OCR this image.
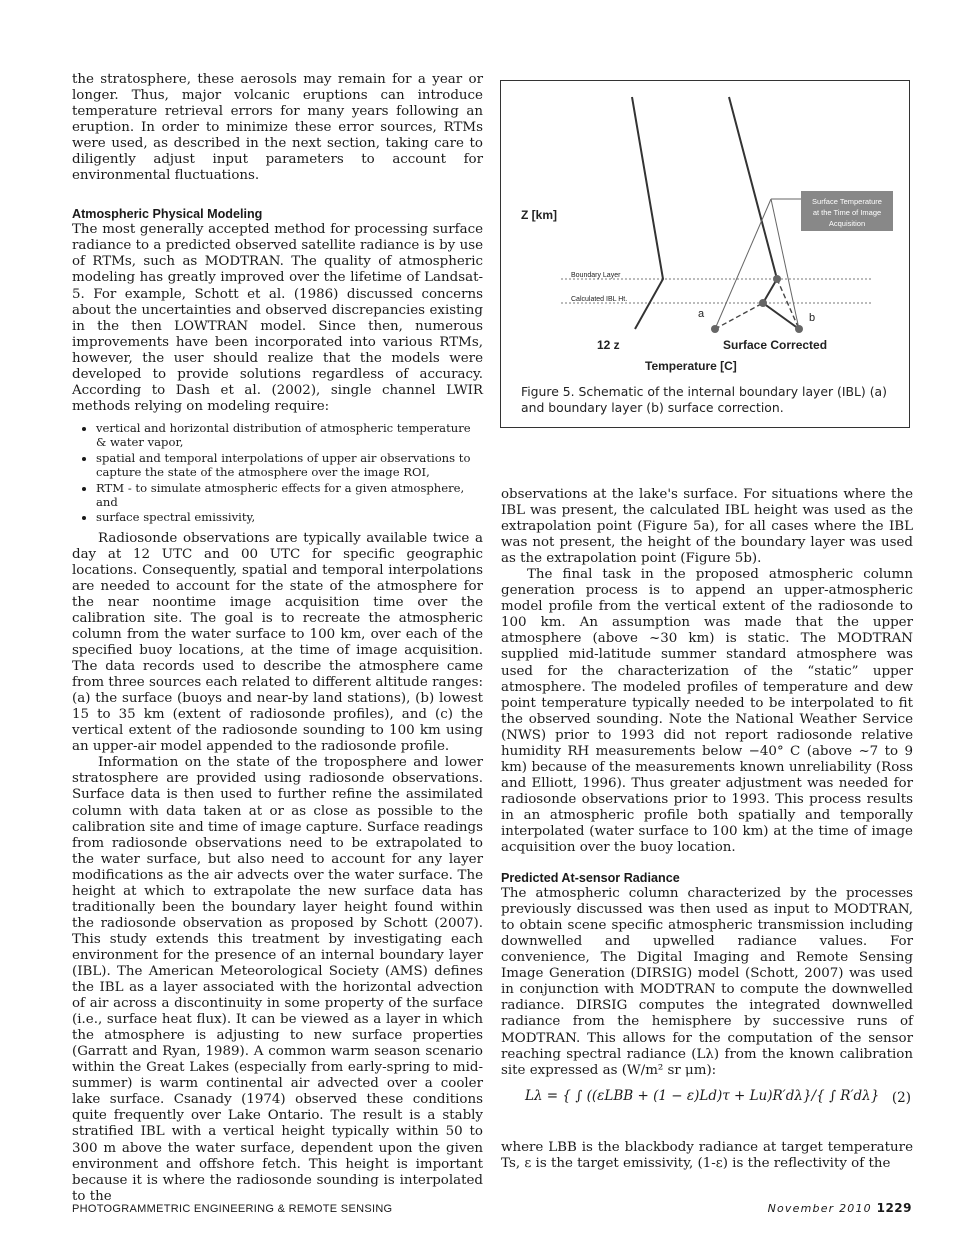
the stratosphere, these aerosols may remain for a year or longer. Thus, major volcanic eruptions can introduce temperature retrieval errors for many years following an eruption. In order to minimize these error sources, RTMs were used, as described in the next section, taking care to diligently adjust input parameters to account for environmental fluctuations.

Atmospheric Physical Modeling

The most generally accepted method for processing surface radiance to a predicted observed satellite radiance is by use of RTMs, such as MODTRAN. The quality of atmospheric modeling has greatly improved over the lifetime of Landsat-5. For example, Schott et al. (1986) discussed concerns about the uncertainties and observed discrepancies existing in the then LOWTRAN model. Since then, numerous improvements have been incorporated into various RTMs, however, the user should realize that the models were developed to provide solutions regardless of accuracy. According to Dash et al. (2002), single channel LWIR methods relying on modeling require:

• vertical and horizontal distribution of atmospheric temperature & water vapor,
• spatial and temporal interpolations of upper air observations to capture the state of the atmosphere over the image ROI,
• RTM - to simulate atmospheric effects for a given atmosphere, and
• surface spectral emissivity,

Radiosonde observations are typically available twice a day at 12 UTC and 00 UTC for specific geographic locations. Consequently, spatial and temporal interpolations are needed to account for the state of the atmosphere for the near noontime image acquisition time over the calibration site. The goal is to recreate the atmospheric column from the water surface to 100 km, over each of the specified buoy locations, at the time of image acquisition. The data records used to describe the atmosphere came from three sources each related to different altitude ranges: (a) the surface (buoys and near-by land stations), (b) lowest 15 to 35 km (extent of radiosonde profiles), and (c) the vertical extent of the radiosonde sounding to 100 km using an upper-air model appended to the radiosonde profile.

Information on the state of the troposphere and lower stratosphere are provided using radiosonde observations. Surface data is then used to further refine the assimilated column with data taken at or as close as possible to the calibration site and time of image capture. Surface readings from radiosonde observations need to be extrapolated to the water surface, but also need to account for any layer modifications as the air advects over the water surface. The height at which to extrapolate the new surface data has traditionally been the boundary layer height found within the radiosonde observation as proposed by Schott (2007). This study extends this treatment by investigating each environment for the presence of an internal boundary layer (IBL). The American Meteorological Society (AMS) defines the IBL as a layer associated with the horizontal advection of air across a discontinuity in some property of the surface (i.e., surface heat flux). It can be viewed as a layer in which the atmosphere is adjusting to new surface properties (Garratt and Ryan, 1989). A common warm season scenario within the Great Lakes (especially from early-spring to mid-summer) is warm continental air advected over a cooler lake surface. Csanady (1974) observed these conditions quite frequently over Lake Ontario. The result is a stably stratified IBL with a vertical height typically within 50 to 300 m above the water surface, dependent upon the given environment and offshore fetch. This height is important because it is where the radiosonde sounding is interpolated to the

Surface Temperature
at the Time of Image
Acquisition
Z [km]
Boundary Layer
Calculated IBL Ht.
a	b
12 z	Surface Corrected
Temperature [C]
Figure 5. Schematic of the internal boundary layer (IBL) (a) and boundary layer (b) surface correction.

observations at the lake's surface. For situations where the IBL was present, the calculated IBL height was used as the extrapolation point (Figure 5a), for all cases where the IBL was not present, the height of the boundary layer was used as the extrapolation point (Figure 5b).

The final task in the proposed atmospheric column generation process is to append an upper-atmospheric model profile from the vertical extent of the radiosonde to 100 km. An assumption was made that the upper atmosphere (above ~30 km) is static. The MODTRAN supplied mid-latitude summer standard atmosphere was used for the characterization of the “static” upper atmosphere. The modeled profiles of temperature and dew point temperature typically needed to be interpolated to fit the observed sounding. Note the National Weather Service (NWS) prior to 1993 did not report radiosonde relative humidity RH measurements below −40° C (above ~7 to 9 km) because of the measurements known unreliability (Ross and Elliott, 1996). Thus greater adjustment was needed for radiosonde observations prior to 1993. This process results in an atmospheric profile both spatially and temporally interpolated (water surface to 100 km) at the time of image acquisition over the buoy location.

Predicted At-sensor Radiance

The atmospheric column characterized by the processes previously discussed was then used as input to MODTRAN, to obtain scene specific atmospheric transmission including downwelled and upwelled radiance values. For convenience, The Digital Imaging and Remote Sensing Image Generation (DIRSIG) model (Schott, 2007) was used in conjunction with MODTRAN to compute the downwelled radiance. DIRSIG computes the integrated downwelled radiance from the hemisphere by successive runs of MODTRAN. This allows for the computation of the sensor reaching spectral radiance (Lλ) from the known calibration site expressed as (W/m² sr μm):

Lλ = { ∫ ((εLBB + (1 − ε)Ld)τ + Lu)R′dλ}/{ ∫ R′dλ} (2)

where LBB is the blackbody radiance at target temperature Ts, ε is the target emissivity, (1-ε) is the reflectivity of the

PHOTOGRAMMETRIC ENGINEERING & REMOTE SENSING	November 2010 1229
